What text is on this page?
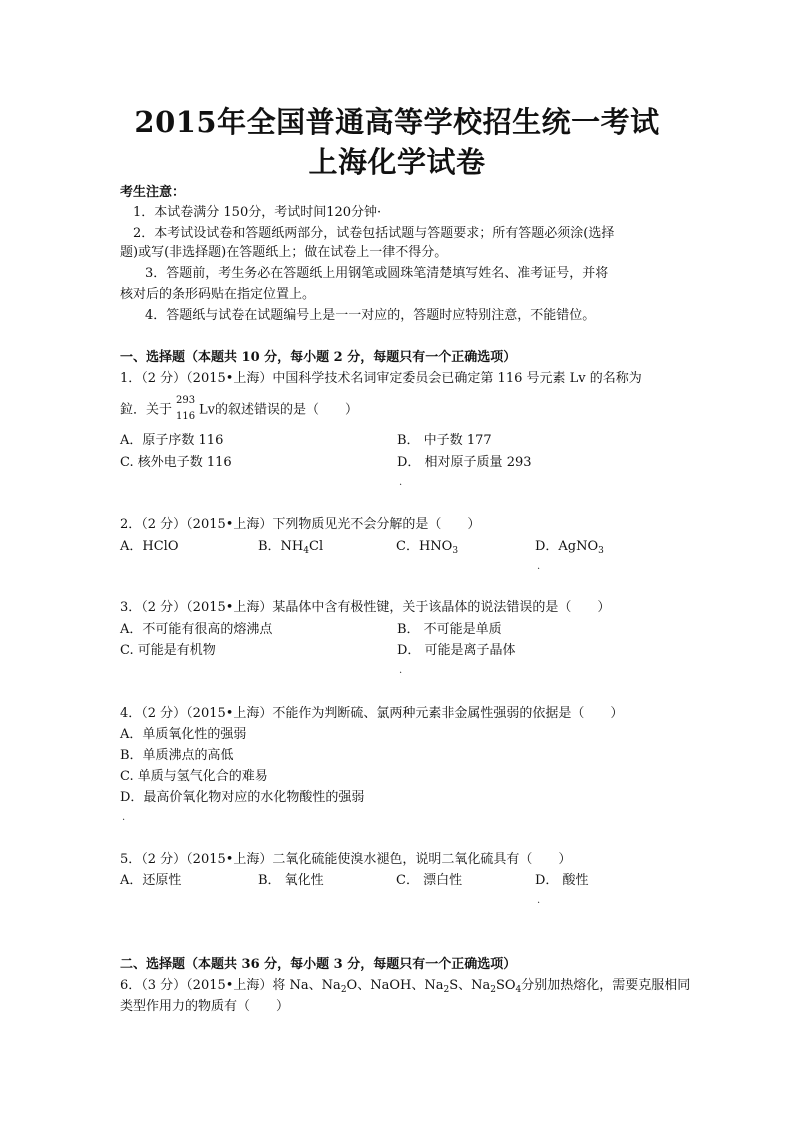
2015年全国普通高等学校招生统一考试
上海化学试卷
考生注意：
1．本试卷满分 150分，考试时间120分钟·
2．本考试设试卷和答题纸两部分，试卷包括试题与答题要求；所有答题必须涂(选择
题)或写(非选择题)在答题纸上；做在试卷上一律不得分。
3．答题前，考生务必在答题纸上用钢笔或圆珠笔清楚填写姓名、准考证号，并将
核对后的条形码贴在指定位置上。
4．答题纸与试卷在试题编号上是一一对应的，答题时应特别注意，不能错位。
一、选择题（本题共 10 分，每小题 2 分，每题只有一个正确选项）
1．（2 分）（2015•上海）中国科学技术名词审定委员会已确定第 116 号元素 Lv 的名称为
鉝．关于
293
116 Lv的叙述错误的是（　　）
A．原子序数 116	B． 中子数 177
C. 核外电子数 116	D． 相对原子质量 293
.
2．（2 分）（2015•上海）下列物质见光不会分解的是（　　）
A．HClO	B．$NH_4Cl$	C．$HNO_3$	D．AgNO$_3$
.
3．（2 分）（2015•上海）某晶体中含有极性键，关于该晶体的说法错误的是（　　）
A．不可能有很高的熔沸点	B． 不可能是单质
C. 可能是有机物	D． 可能是离子晶体
.
4．（2 分）（2015•上海）不能作为判断硫、氯两种元素非金属性强弱的依据是（　　）
A．单质氧化性的强弱
B．单质沸点的高低
C. 单质与氢气化合的难易
D．最高价氧化物对应的水化物酸性的强弱
.
5．（2 分）（2015•上海）二氧化硫能使溴水褪色，说明二氧化硫具有（　　）
A．还原性	B． 氧化性	C． 漂白性	D． 酸性
.
二、选择题（本题共 36 分，每小题 3 分，每题只有一个正确选项）
6．（3 分）（2015•上海）将 Na、$Na_2O$、NaOH、$Na_2S$、$Na_2SO_4$分别加热熔化，需要克服相同
类型作用力的物质有（　　）
